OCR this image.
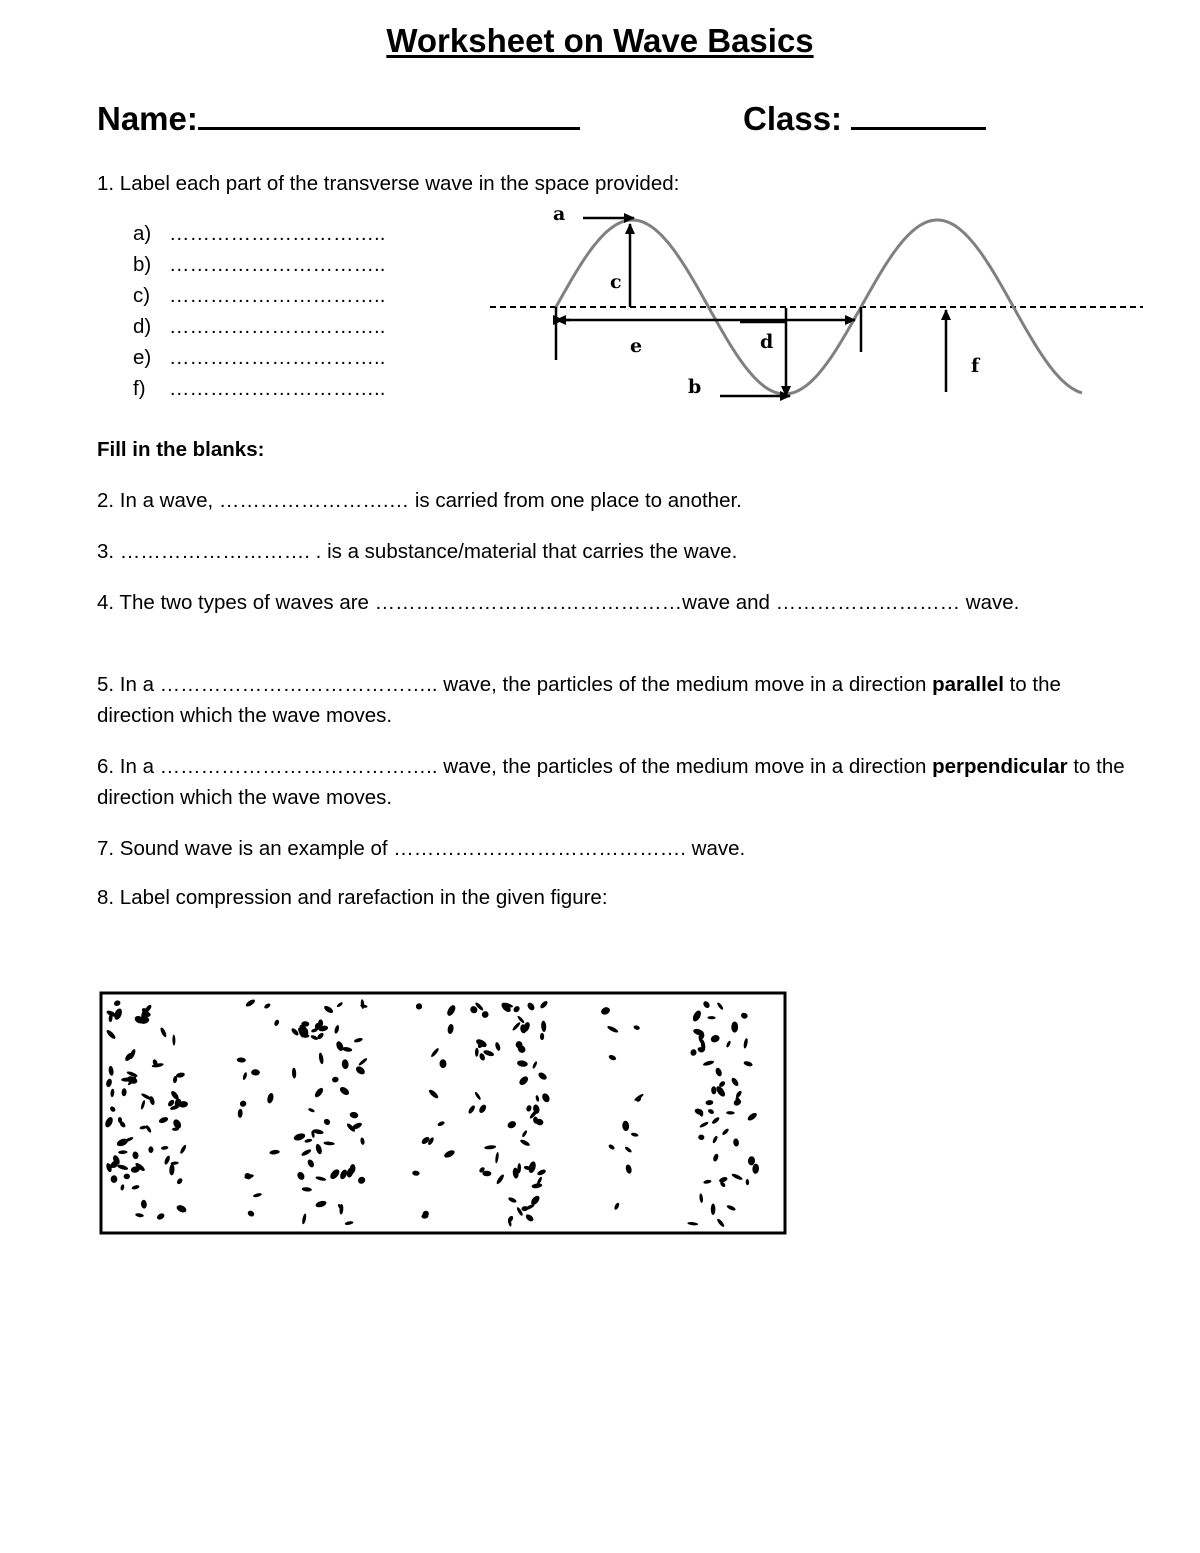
Worksheet on Wave Basics
Name:	Class:
1. Label each part of the transverse wave in the space provided:
a) …………………………..
b) …………………………..
c) …………………………..
d) …………………………..
e) …………………………..
f) …………………………..
a
c
e	d
b
f
Fill in the blanks:
2. In a wave, …………………….… is carried from one place to another.
3. ………………………. . is a substance/material that carries the wave.
4. The two types of waves are ………………………………………wave and ……………………… wave.
5. In a ………………………………….. wave, the particles of the medium move in a direction parallel to the direction which the wave moves.
6. In a ………………………………….. wave, the particles of the medium move in a direction perpendicular to the direction which the wave moves.
7. Sound wave is an example of ……………………………………. wave.
8. Label compression and rarefaction in the given figure:
